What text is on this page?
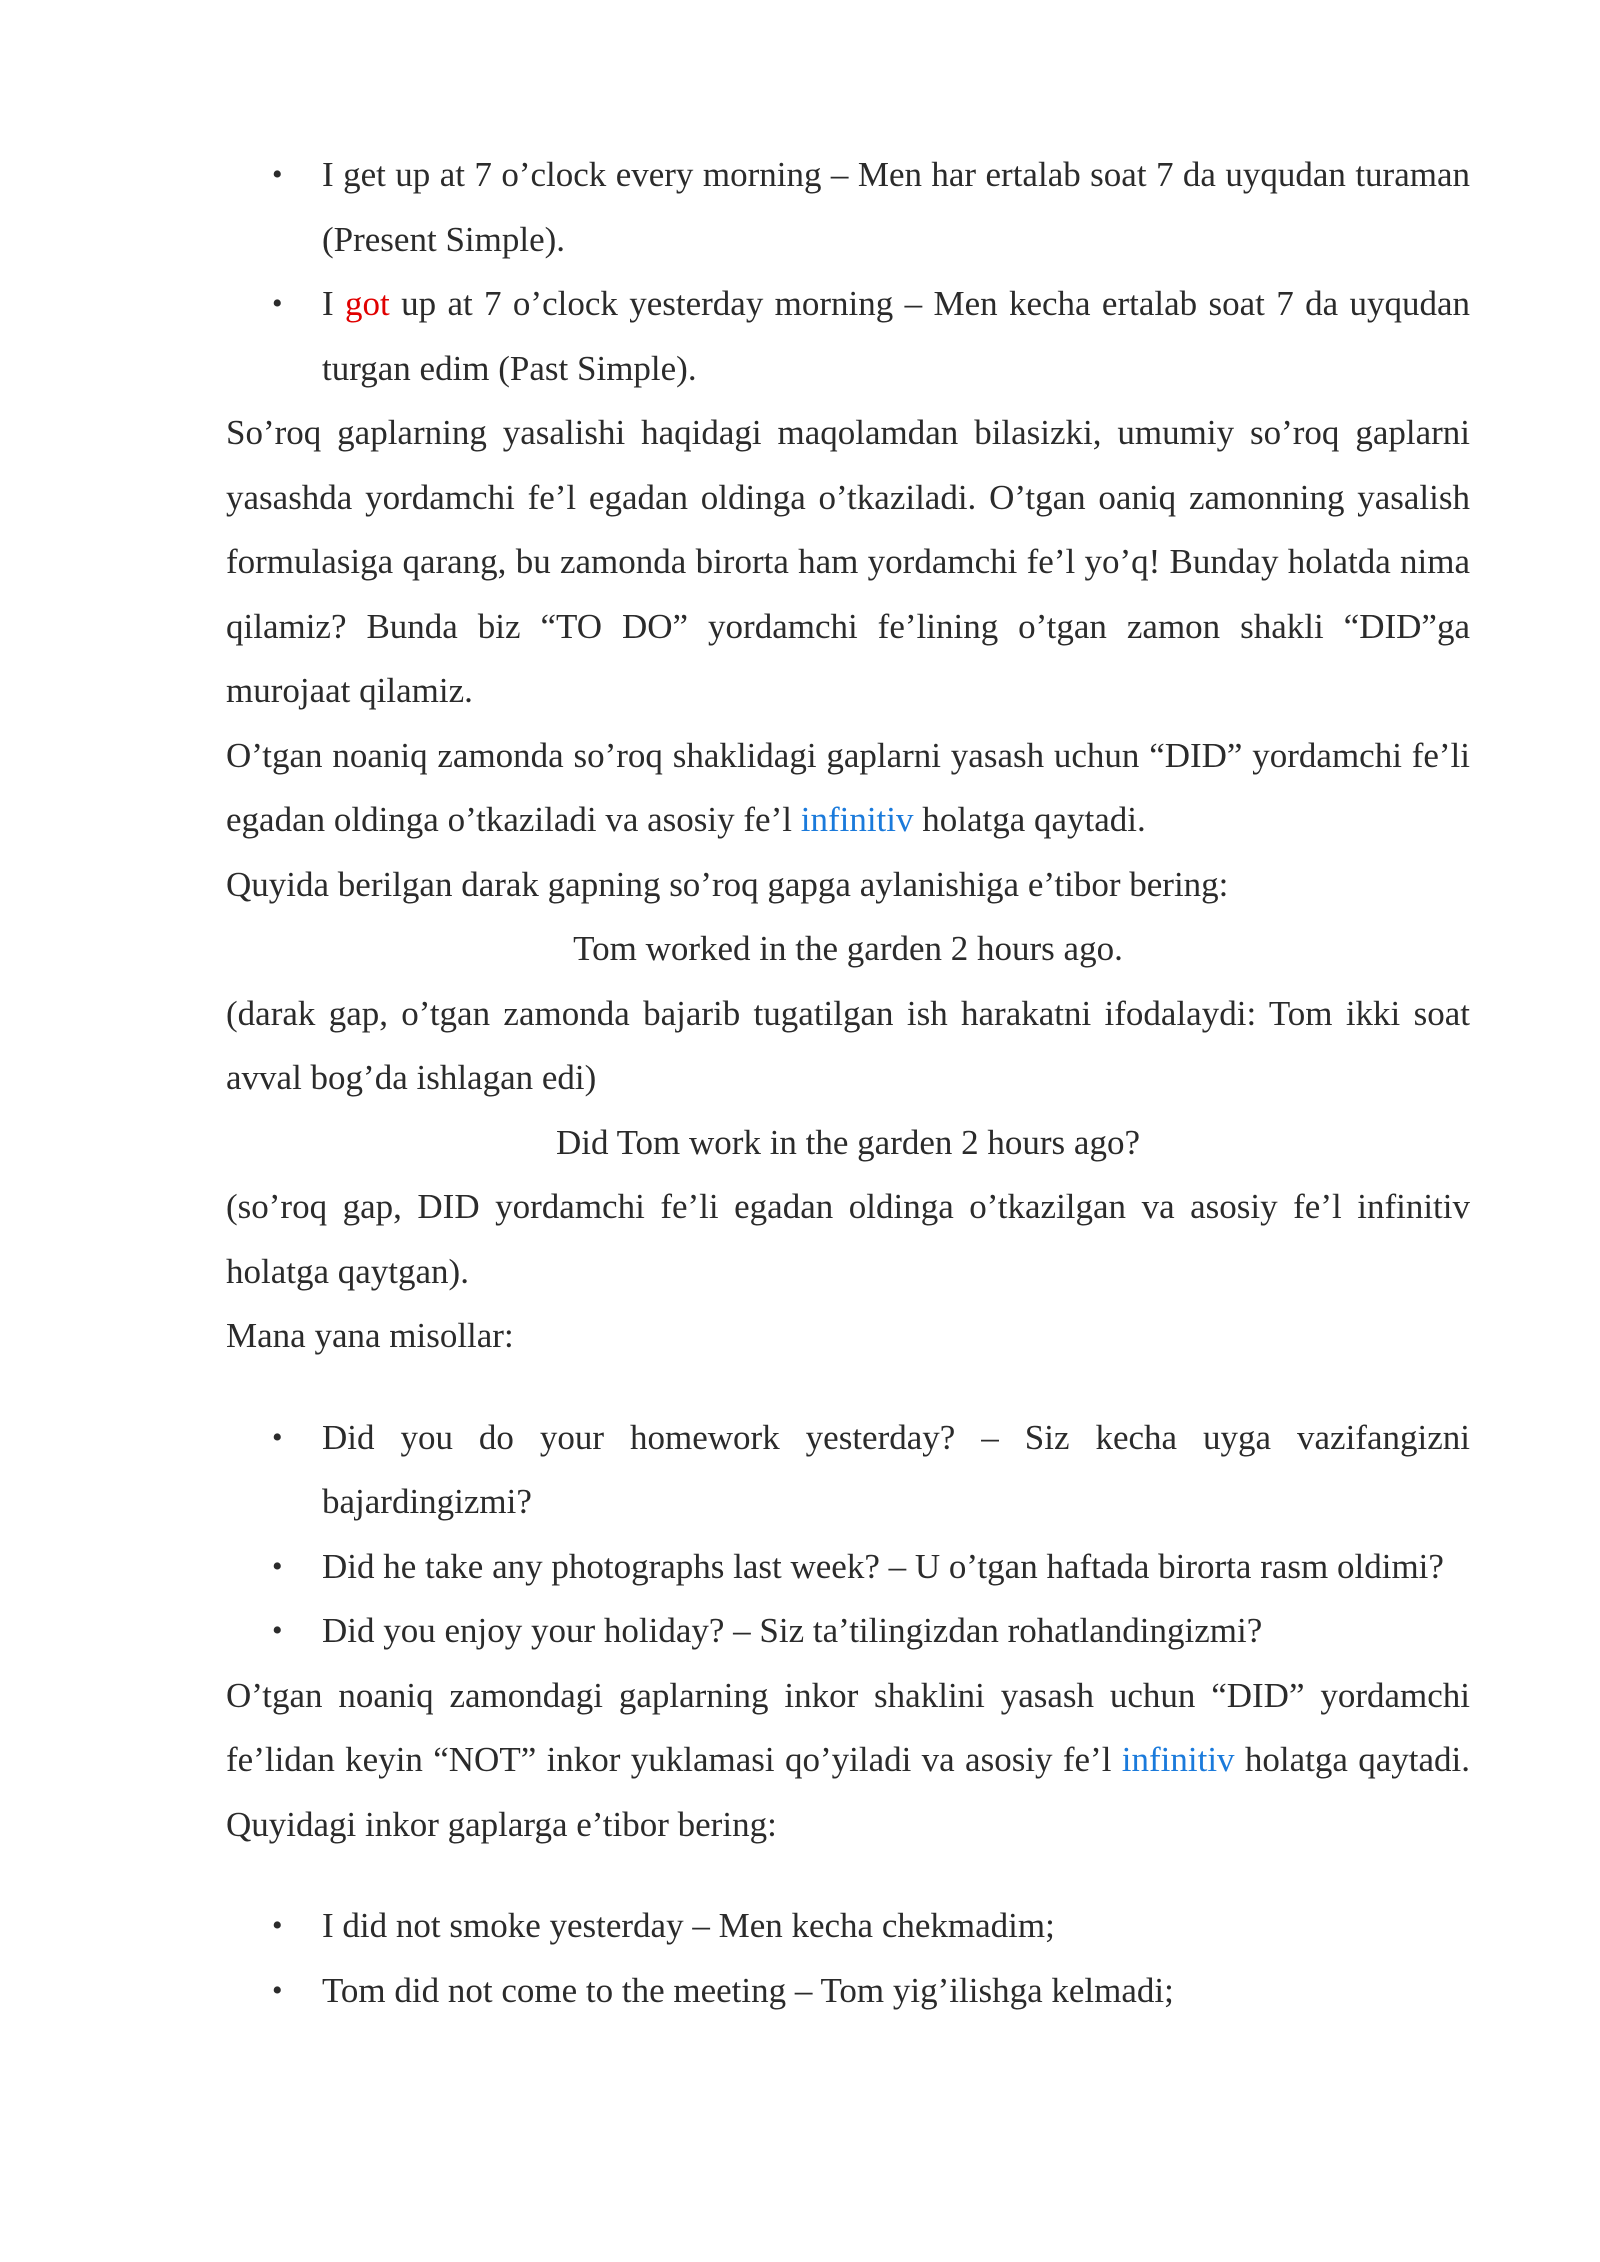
• I get up at 7 o’clock every morning – Men har ertalab soat 7 da uyqudan turaman (Present Simple).
• I got up at 7 o’clock yesterday morning – Men kecha ertalab soat 7 da uyqudan turgan edim (Past Simple).

So’roq gaplarning yasalishi haqidagi maqolamdan bilasizki, umumiy so’roq gaplarni yasashda yordamchi fe’l egadan oldinga o’tkaziladi. O’tgan oaniq zamonning yasalish formulasiga qarang, bu zamonda birorta ham yordamchi fe’l yo’q! Bunday holatda nima qilamiz? Bunda biz “TO DO” yordamchi fe’lining o’tgan zamon shakli “DID”ga murojaat qilamiz.

O’tgan noaniq zamonda so’roq shaklidagi gaplarni yasash uchun “DID” yordamchi fe’li egadan oldinga o’tkaziladi va asosiy fe’l infinitiv holatga qaytadi.

Quyida berilgan darak gapning so’roq gapga aylanishiga e’tibor bering:

Tom worked in the garden 2 hours ago.

(darak gap, o’tgan zamonda bajarib tugatilgan ish harakatni ifodalaydi: Tom ikki soat avval bog’da ishlagan edi)

Did Tom work in the garden 2 hours ago?

(so’roq gap, DID yordamchi fe’li egadan oldinga o’tkazilgan va asosiy fe’l infinitiv holatga qaytgan).

Mana yana misollar:

• Did you do your homework yesterday? – Siz kecha uyga vazifangizni bajardingizmi?
• Did he take any photographs last week? – U o’tgan haftada birorta rasm oldimi?
• Did you enjoy your holiday? – Siz ta’tilingizdan rohatlandingizmi?

O’tgan noaniq zamondagi gaplarning inkor shaklini yasash uchun “DID” yordamchi fe’lidan keyin “NOT” inkor yuklamasi qo’yiladi va asosiy fe’l infinitiv holatga qaytadi. Quyidagi inkor gaplarga e’tibor bering:

• I did not smoke yesterday – Men kecha chekmadim;
• Tom did not come to the meeting – Tom yig’ilishga kelmadi;
